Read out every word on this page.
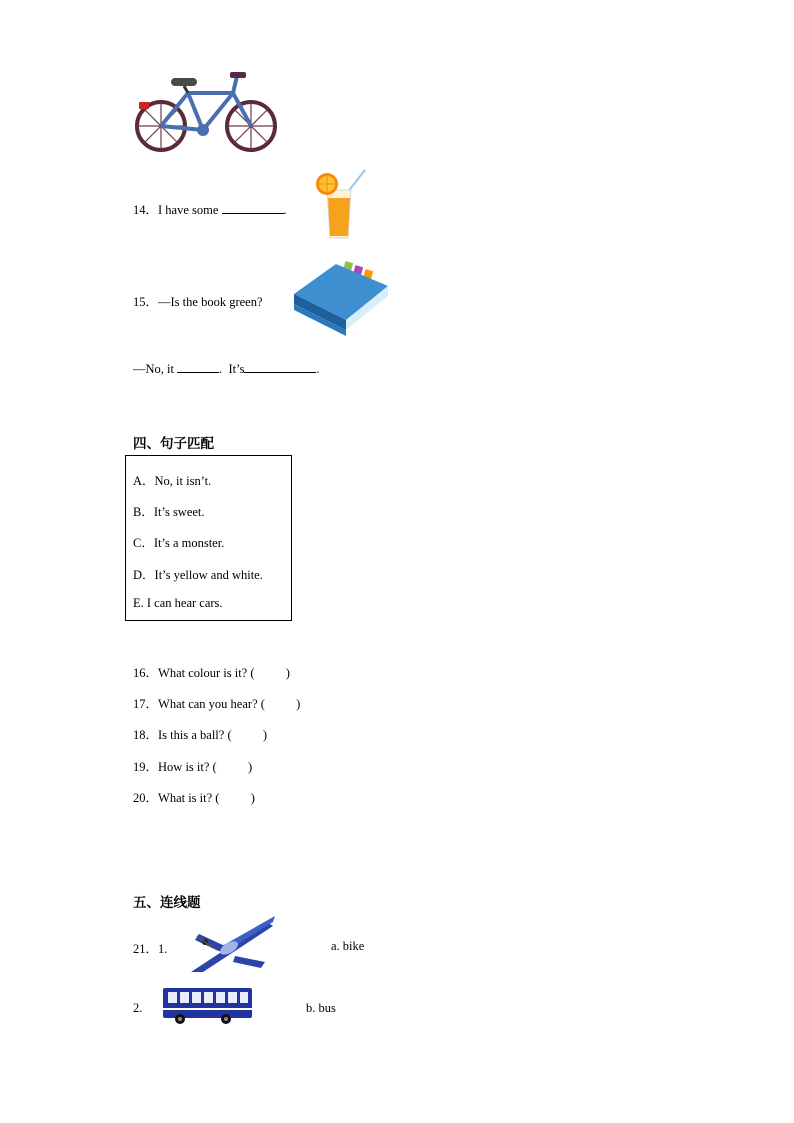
14．I have some	.
15．—Is the book green?
—No, it	.  It’s	.
四、句子匹配
A．No, it isn’t.
B．It’s sweet.
C．It’s a monster.
D．It’s yellow and white.
E. I can hear cars.
16．What colour is it? (          )
17．What can you hear? (          )
18．Is this a ball? (          )
19．How is it? (          )
20．What is it? (          )
五、连线题
21．1.	a. bike
2.	b. bus
